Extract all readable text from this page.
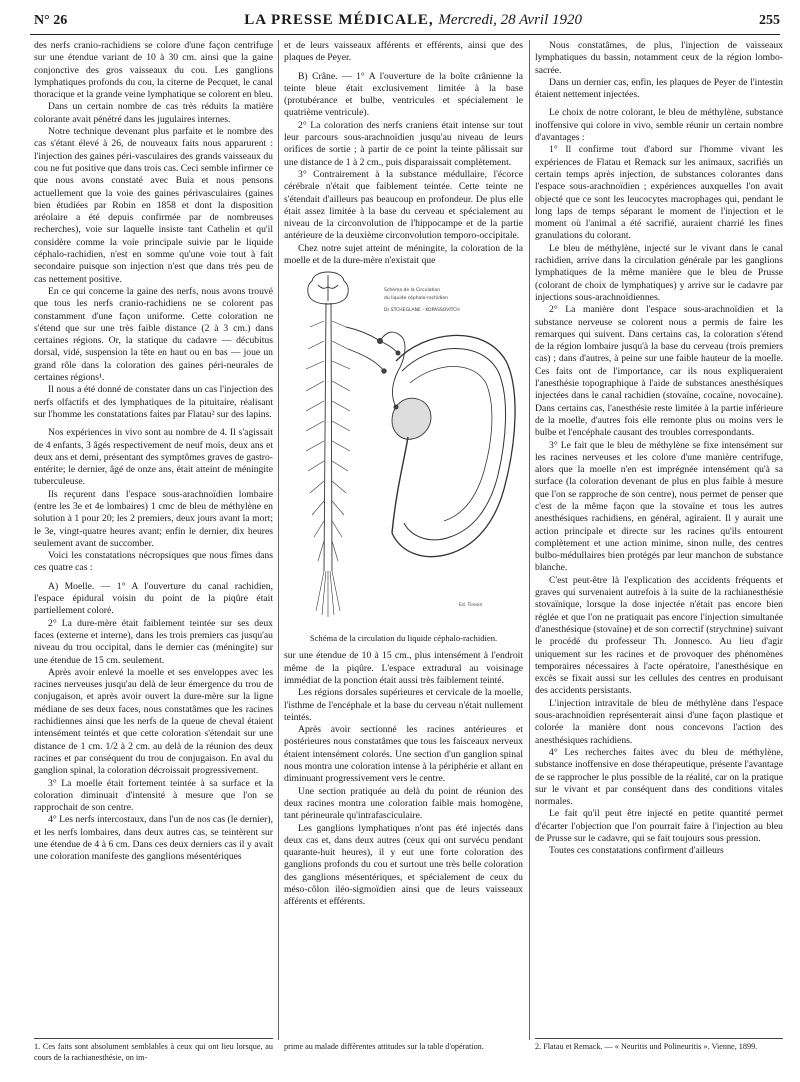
N° 26	LA PRESSE MÉDICALE, Mercredi, 28 Avril 1920	255

des nerfs cranio-rachidiens se colore d'une façon centrifuge sur une étendue variant de 10 à 30 cm. ainsi que la gaine conjonctive des gros vaisseaux du cou. Les ganglions lymphatiques profonds du cou, la citerne de Pecquet, le canal thoracique et la grande veine lymphatique se colorent en bleu.

Dans un certain nombre de cas très réduits la matière colorante avait pénétré dans les jugulaires internes.

Notre technique devenant plus parfaite et le nombre des cas s'étant élevé à 26, de nouveaux faits nous apparurent : l'injection des gaines péri-vasculaires des grands vaisseaux du cou ne fut positive que dans trois cas. Ceci semble infirmer ce que nous avons constaté avec Buia et nous pensons actuellement que la voie des gaines périvasculaires (gaines bien étudiées par Robin en 1858 et dont la disposition aréolaire a été depuis confirmée par de nombreuses recherches), voie sur laquelle insiste tant Cathelin et qu'il considère comme la voie principale suivie par le liquide céphalo-rachidien, n'est en somme qu'une voie tout à fait secondaire puisque son injection n'est que dans très peu de cas nettement positive.

En ce qui concerne la gaine des nerfs, nous avons trouvé que tous les nerfs cranio-rachidiens ne se colorent pas constamment d'une façon uniforme. Cette coloration ne s'étend que sur une très faible distance (2 à 3 cm.) dans certaines régions. Or, la statique du cadavre — décubitus dorsal, vidé, suspension la tête en haut ou en bas — joue un grand rôle dans la coloration des gaines péri-neurales de certaines régions¹.

Il nous a été donné de constater dans un cas l'injection des nerfs olfactifs et des lymphatiques de la pituitaire, réalisant sur l'homme les constatations faites par Flatau² sur des lapins.

Nos expériences in vivo sont au nombre de 4. Il s'agissait de 4 enfants, 3 âgés respectivement de neuf mois, deux ans et deux ans et demi, présentant des symptômes graves de gastro-entérite; le dernier, âgé de onze ans, était atteint de méningite tuberculeuse.

Ils reçurent dans l'espace sous-arachnoïdien lombaire (entre les 3e et 4e lombaires) 1 cmc de bleu de méthylène en solution à 1 pour 20; les 2 premiers, deux jours avant la mort; le 3e, vingt-quatre heures avant; enfin le dernier, dix heures seulement avant de succomber.

Voici les constatations nécropsiques que nous fîmes dans ces quatre cas :

A) Moelle. — 1° A l'ouverture du canal rachidien, l'espace épidural voisin du point de la piqûre était partiellement coloré.

2° La dure-mère était faiblement teintée sur ses deux faces (externe et interne), dans les trois premiers cas jusqu'au niveau du trou occipital, dans le dernier cas (méningite) sur une étendue de 15 cm. seulement.

Après avoir enlevé la moelle et ses enveloppes avec les racines nerveuses jusqu'au delà de leur émergence du trou de conjugaison, et après avoir ouvert la dure-mère sur la ligne médiane de ses deux faces, nous constatâmes que les racines rachidiennes ainsi que les nerfs de la queue de cheval étaient intensément teintés et que cette coloration s'étendait sur une distance de 1 cm. 1/2 à 2 cm. au delà de la réunion des deux racines et par conséquent du trou de conjugaison. En aval du ganglion spinal, la coloration décroissait progressivement.

3° La moelle était fortement teintée à sa surface et la coloration diminuait d'intensité à mesure que l'on se rapprochait de son centre.

4° Les nerfs intercostaux, dans l'un de nos cas (le dernier), et les nerfs lombaires, dans deux autres cas, se teintèrent sur une étendue de 4 à 6 cm. Dans ces deux derniers cas il y avait une coloration manifeste des ganglions mésentériques

et de leurs vaisseaux afférents et efférents, ainsi que des plaques de Peyer.

B) Crâne. — 1° A l'ouverture de la boîte crânienne la teinte bleue était exclusivement limitée à la base (protubérance et bulbe, ventricules et spécialement le quatrième ventricule).

2° La coloration des nerfs craniens était intense sur tout leur parcours sous-arachnoïdien jusqu'au niveau de leurs orifices de sortie ; à partir de ce point la teinte pâlissait sur une distance de 1 à 2 cm., puis disparaissait complètement.

3° Contrairement à la substance médullaire, l'écorce cérébrale n'était que faiblement teintée. Cette teinte ne s'étendait d'ailleurs pas beaucoup en profondeur. De plus elle était assez limitée à la base du cerveau et spécialement au niveau de la circonvolution de l'hippocampe et de la partie antérieure de la deuxième circonvolution temporo-occipitale.

Chez notre sujet atteint de méningite, la coloration de la moelle et de la dure-mère n'existait que

Schéma de la Circulation
du liquide céphalo-rachidien
Dr STCHEGLANE - KOPASSOVITCH
Ed. Tiresin
Schéma de la circulation du liquide céphalo-rachidien.

sur une étendue de 10 à 15 cm., plus intensément à l'endroit même de la piqûre. L'espace extradural au voisinage immédiat de la ponction était aussi très faiblement teinté.

Les régions dorsales supérieures et cervicale de la moelle, l'isthme de l'encéphale et la base du cerveau n'était nullement teintés.

Après avoir sectionné les racines antérieures et postérieures nous constatâmes que tous les faisceaux nerveux étaient intensément colorés. Une section d'un ganglion spinal nous montra une coloration intense à la périphérie et allant en diminuant progressivement vers le centre.

Une section pratiquée au delà du point de réunion des deux racines montra une coloration faible mais homogène, tant périneurale qu'intrafasciculaire.

Les ganglions lymphatiques n'ont pas été injectés dans deux cas et, dans deux autres (ceux qui ont survécu pendant quarante-huit heures), il y eut une forte coloration des ganglions profonds du cou et surtout une très belle coloration des ganglions mésentériques, et spécialement de ceux du méso-côlon iléo-sigmoïdien ainsi que de leurs vaisseaux afférents et efférents.

Nous constatâmes, de plus, l'injection de vaisseaux lymphatiques du bassin, notamment ceux de la région lombo-sacrée.

Dans un dernier cas, enfin, les plaques de Peyer de l'intestin étaient nettement injectées.

Le choix de notre colorant, le bleu de méthylène, substance inoffensive qui colore in vivo, semble réunir un certain nombre d'avantages :

1° Il confirme tout d'abord sur l'homme vivant les expériences de Flatau et Remack sur les animaux, sacrifiés un certain temps après injection, de substances colorantes dans l'espace sous-arachnoïdien ; expériences auxquelles l'on avait objecté que ce sont les leucocytes macrophages qui, pendant le long laps de temps séparant le moment de l'injection et le moment où l'animal a été sacrifié, auraient charrié les fines granulations du colorant.

Le bleu de méthylène, injecté sur le vivant dans le canal rachidien, arrive dans la circulation générale par les ganglions lymphatiques de la même manière que le bleu de Prusse (colorant de choix de lymphatiques) y arrive sur le cadavre par injections sous-arachnoïdiennes.

2° La manière dont l'espace sous-arachnoïdien et la substance nerveuse se colorent nous a permis de faire les remarques qui suivent. Dans certains cas, la coloration s'étend de la région lombaire jusqu'à la base du cerveau (trois premiers cas) ; dans d'autres, à peine sur une faible hauteur de la moelle. Ces faits ont de l'importance, car ils nous expliqueraient l'anesthésie topographique à l'aide de substances anesthésiques injectées dans le canal rachidien (stovaïne, cocaïne, novocaïne). Dans certains cas, l'anesthésie reste limitée à la partie inférieure de la moelle, d'autres fois elle remonte plus ou moins vers le bulbe et l'encéphale causant des troubles correspondants.

3° Le fait que le bleu de méthylène se fixe intensément sur les racines nerveuses et les colore d'une manière centrifuge, alors que la moelle n'en est imprégnée intensément qu'à sa surface (la coloration devenant de plus en plus faible à mesure que l'on se rapproche de son centre), nous permet de penser que c'est de la même façon que la stovaïne et tous les autres anesthésiques rachidiens, en général, agiraient. Il y aurait une action principale et directe sur les racines qu'ils entourent complètement et une action minime, sinon nulle, des centres bulbo-médullaires bien protégés par leur manchon de substance blanche.

C'est peut-être là l'explication des accidents fréquents et graves qui survenaient autrefois à la suite de la rachianesthésie stovaïnique, lorsque la dose injectée n'était pas encore bien réglée et que l'on ne pratiquait pas encore l'injection simultanée d'anesthésique (stovaïne) et de son correctif (strychnine) suivant le procédé du professeur Th. Jonnesco. Au lieu d'agir uniquement sur les racines et de provoquer des phénomènes temporaires nécessaires à l'acte opératoire, l'anesthésique en excès se fixait aussi sur les cellules des centres en produisant des accidents persistants.

L'injection intravitale de bleu de méthylène dans l'espace sous-arachnoïdien représenterait ainsi d'une façon plastique et colorée la manière dont nous concevons l'action des anesthésiques rachidiens.

4° Les recherches faites avec du bleu de méthylène, substance inoffensive en dose thérapeutique, présente l'avantage de se rapprocher le plus possible de la réalité, car on la pratique sur le vivant et par conséquent dans des conditions vitales normales.

Le fait qu'il peut être injecté en petite quantité permet d'écarter l'objection que l'on pourrait faire à l'injection au bleu de Prusse sur le cadavre, qui se fait toujours sous pression.

Toutes ces constatations confirment d'ailleurs

1. Ces faits sont absolument semblables à ceux qui ont lieu lorsque, au cours de la rachianesthésie, on im-
prime au malade différentes attitudes sur la table d'opération.	2. Flatau et Remack. — « Neuritis und Polineuritis ». Vienne, 1899.
